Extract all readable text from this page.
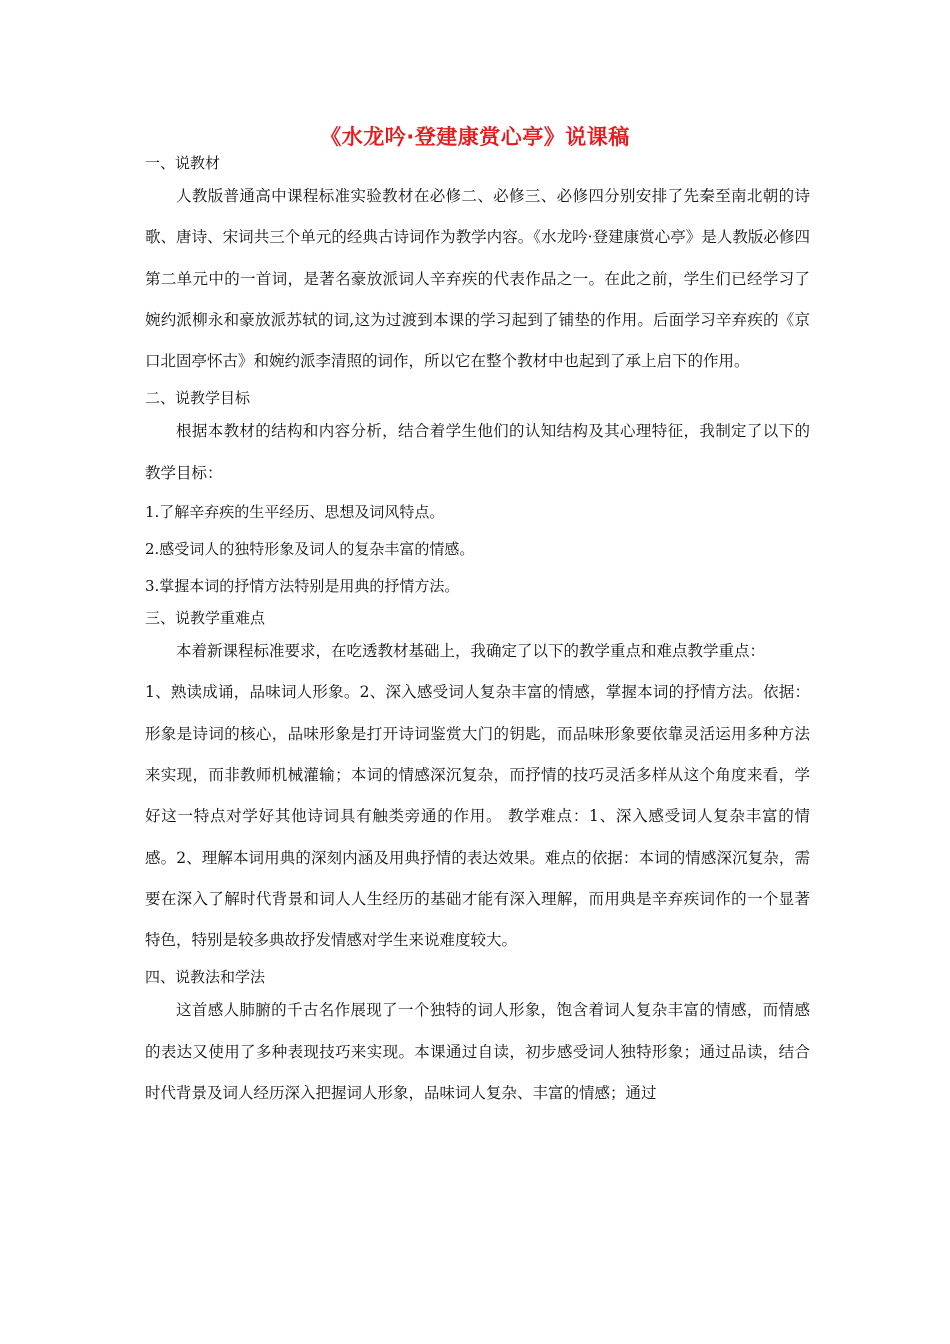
《水龙吟·登建康赏心亭》说课稿

一、说教材

人教版普通高中课程标准实验教材在必修二、必修三、必修四分别安排了先秦至南北朝的诗歌、唐诗、宋词共三个单元的经典古诗词作为教学内容。《水龙吟·登建康赏心亭》是人教版必修四第二单元中的一首词，是著名豪放派词人辛弃疾的代表作品之一。在此之前，学生们已经学习了婉约派柳永和豪放派苏轼的词,这为过渡到本课的学习起到了铺垫的作用。后面学习辛弃疾的《京口北固亭怀古》和婉约派李清照的词作，所以它在整个教材中也起到了承上启下的作用。

二、说教学目标

根据本教材的结构和内容分析，结合着学生他们的认知结构及其心理特征，我制定了以下的教学目标：

1.了解辛弃疾的生平经历、思想及词风特点。

2.感受词人的独特形象及词人的复杂丰富的情感。

3.掌握本词的抒情方法特别是用典的抒情方法。

三、说教学重难点

本着新课程标准要求，在吃透教材基础上，我确定了以下的教学重点和难点教学重点：

1、熟读成诵，品味词人形象。2、深入感受词人复杂丰富的情感，掌握本词的抒情方法。依据：形象是诗词的核心，品味形象是打开诗词鉴赏大门的钥匙，而品味形象要依靠灵活运用多种方法来实现，而非教师机械灌输；本词的情感深沉复杂，而抒情的技巧灵活多样从这个角度来看，学好这一特点对学好其他诗词具有触类旁通的作用。 教学难点：1、深入感受词人复杂丰富的情感。2、理解本词用典的深刻内涵及用典抒情的表达效果。难点的依据：本词的情感深沉复杂，需要在深入了解时代背景和词人人生经历的基础才能有深入理解，而用典是辛弃疾词作的一个显著特色，特别是较多典故抒发情感对学生来说难度较大。

四、说教法和学法

这首感人肺腑的千古名作展现了一个独特的词人形象，饱含着词人复杂丰富的情感，而情感的表达又使用了多种表现技巧来实现。本课通过自读，初步感受词人独特形象；通过品读，结合时代背景及词人经历深入把握词人形象，品味词人复杂、丰富的情感；通过
